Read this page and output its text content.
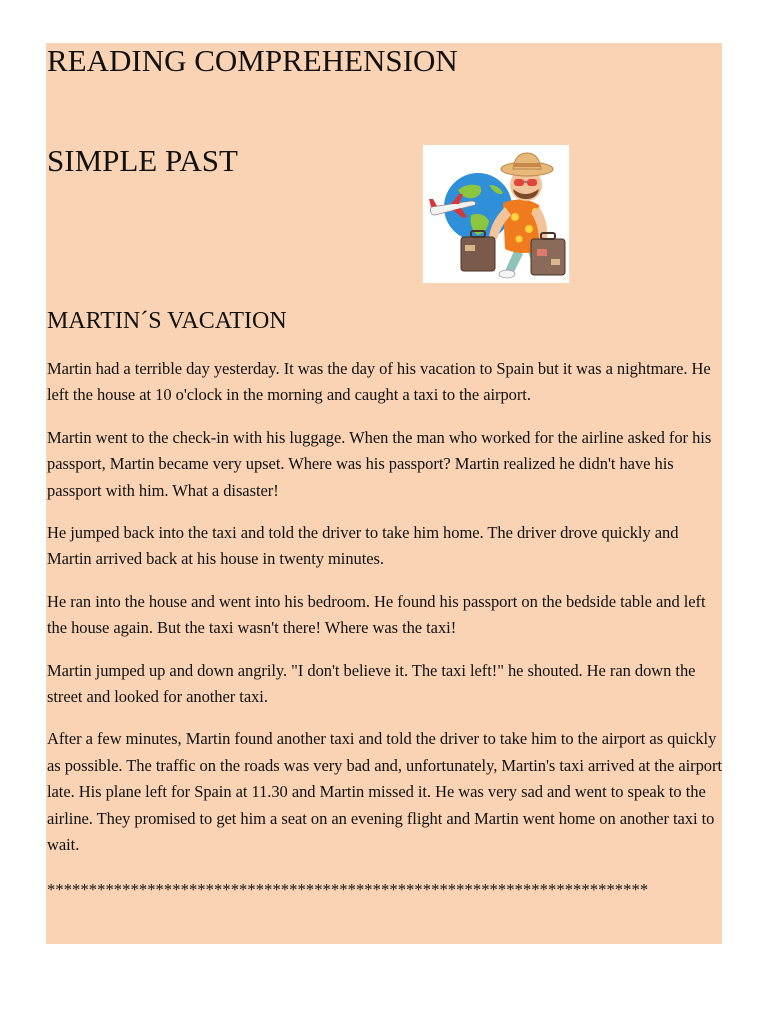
READING COMPREHENSION
SIMPLE PAST
MARTIN´S VACATION

Martin had a terrible day yesterday. It was the day of his vacation to Spain but it was a nightmare. He left the house at 10 o'clock in the morning and caught a taxi to the airport.

Martin went to the check-in with his luggage. When the man who worked for the airline asked for his passport, Martin became very upset. Where was his passport? Martin realized he didn't have his passport with him. What a disaster!

He jumped back into the taxi and told the driver to take him home. The driver drove quickly and Martin arrived back at his house in twenty minutes.

He ran into the house and went into his bedroom. He found his passport on the bedside table and left the house again. But the taxi wasn't there! Where was the taxi!

Martin jumped up and down angrily. "I don't believe it. The taxi left!" he shouted. He ran down the street and looked for another taxi.

After a few minutes, Martin found another taxi and told the driver to take him to the airport as quickly as possible. The traffic on the roads was very bad and, unfortunately, Martin's taxi arrived at the airport late. His plane left for Spain at 11.30 and Martin missed it. He was very sad and went to speak to the airline. They promised to get him a seat on an evening flight and Martin went home on another taxi to wait.

************************************************************************
